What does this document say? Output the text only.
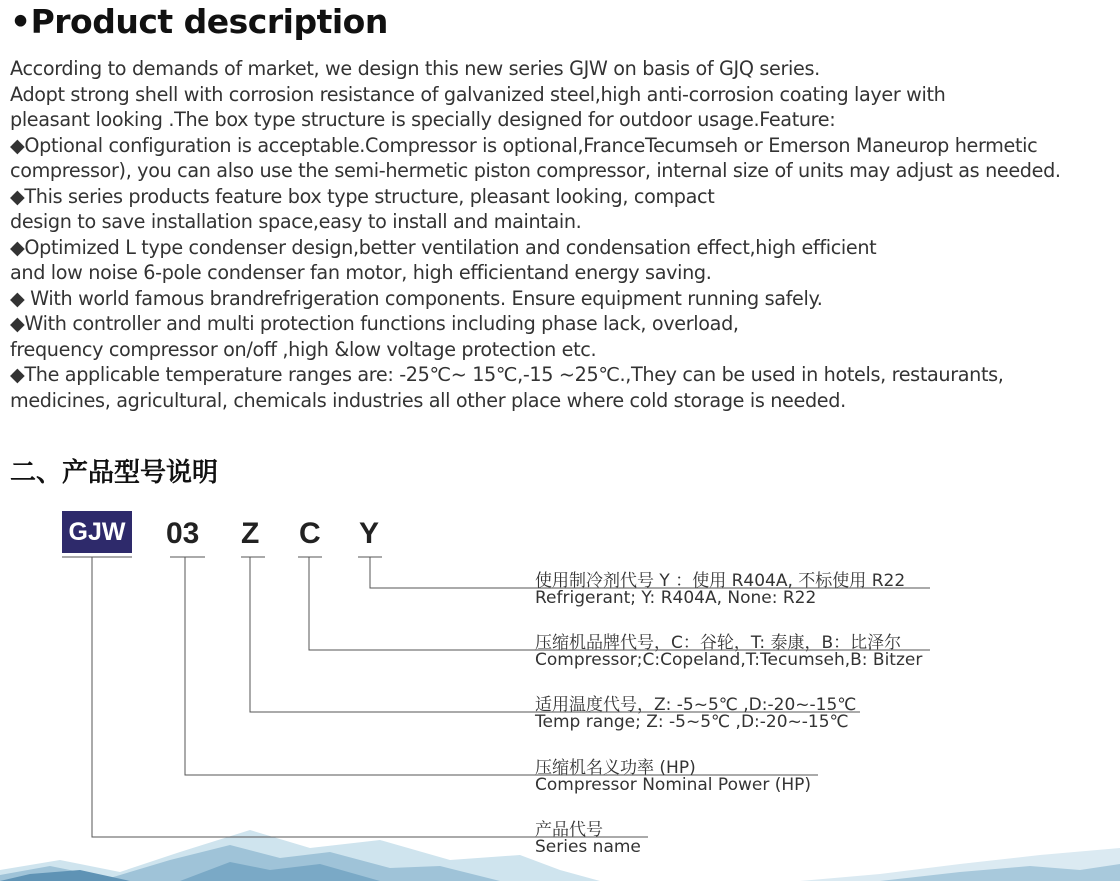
•Product description
According to demands of market, we design this new series GJW on basis of GJQ series.
Adopt strong shell with corrosion resistance of galvanized steel,high anti-corrosion coating layer with
pleasant looking .The box type structure is specially designed for outdoor usage.Feature:
◆Optional configuration is acceptable.Compressor is optional,FranceTecumseh or Emerson Maneurop hermetic
compressor), you can also use the semi-hermetic piston compressor, internal size of units may adjust as needed.
◆This series products feature box type structure, pleasant looking, compact
design to save installation space,easy to install and maintain.
◆Optimized L type condenser design,better ventilation and condensation effect,high efficient
and low noise 6-pole condenser fan motor, high efficientand energy saving.
◆ With world famous brandrefrigeration components. Ensure equipment running safely.
◆With controller and multi protection functions including phase lack, overload,
frequency compressor on/off ,high &low voltage protection etc.
◆The applicable temperature ranges are: -25℃~ 15℃,-15 ~25℃.,They can be used in hotels, restaurants,
medicines, agricultural, chemicals industries all other place where cold storage is needed.
二、产品型号说明
GJW 03 Z C Y
使用制冷剂代号 Y ：使用 R404A, 不标使用 R22
Refrigerant; Y: R404A, None: R22
压缩机品牌代号，C：谷轮，T: 泰康，B：比泽尔
Compressor;C:Copeland,T:Tecumseh,B: Bitzer
适用温度代号，Z: -5~5℃ ,D:-20~-15℃
Temp range; Z: -5~5℃ ,D:-20~-15℃
压缩机名义功率 (HP)
Compressor Nominal Power (HP)
产品代号
Series name
